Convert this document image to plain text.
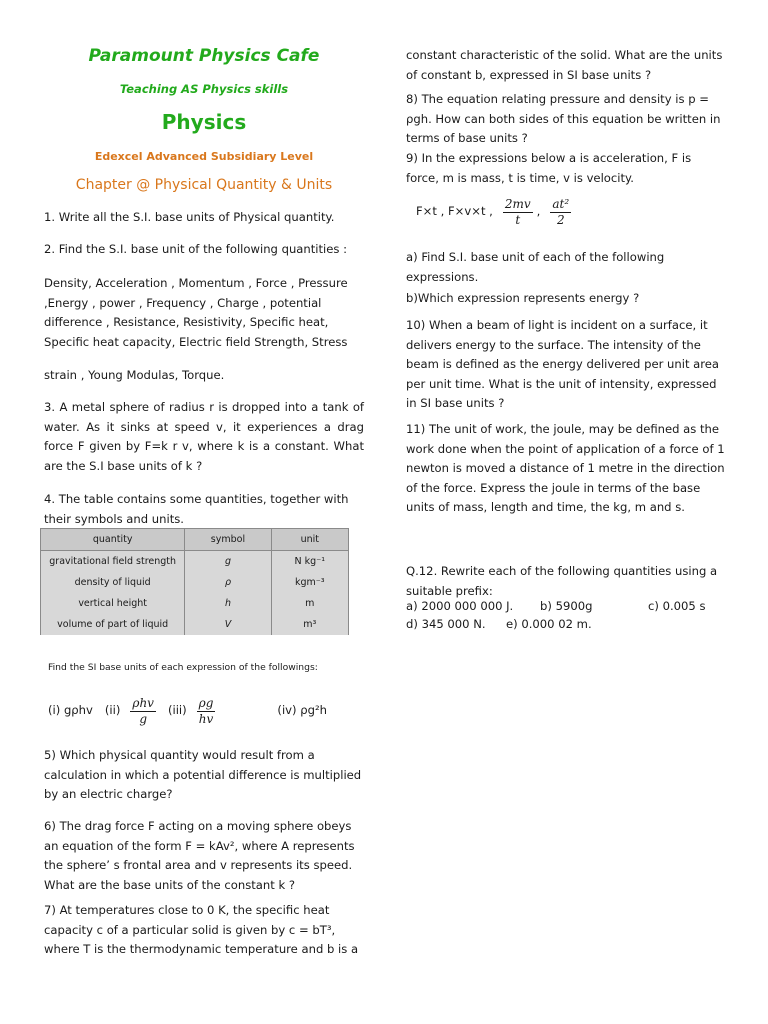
Paramount Physics Cafe
Teaching AS Physics skills
Physics
Edexcel Advanced Subsidiary Level
Chapter @ Physical Quantity & Units
1. Write all the S.I. base units of Physical quantity.
2. Find the S.I. base unit of the following quantities :
Density, Acceleration , Momentum , Force , Pressure ,Energy , power , Frequency , Charge , potential difference , Resistance, Resistivity, Specific heat, Specific heat capacity, Electric field Strength, Stress
strain , Young Modulas, Torque.
3. A metal sphere of radius r is dropped into a tank of water. As it sinks at speed v, it experiences a drag force F given by F=k r v, where k is a constant. What are the S.I base units of k ?
4. The table contains some quantities, together with their symbols and units.
quantity	symbol	unit
gravitational field strength	g	N kg⁻¹
density of liquid	ρ	kgm⁻³
vertical height	h	m
volume of part of liquid	V	m³
Find the SI base units of each expression of the followings:
(i) gρhv $(ii) \frac{\text{ρhv}}{g} (iii) \frac{\rho g}{hv}$	(iv) ρg²h
5) Which physical quantity would result from a calculation in which a potential difference is multiplied by an electric charge?
6) The drag force F acting on a moving sphere obeys an equation of the form F = kAv², where A represents the sphere’ s frontal area and v represents its speed. What are the base units of the constant k ?
7) At temperatures close to 0 K, the specific heat capacity c of a particular solid is given by c = bT³, where T is the thermodynamic temperature and b is a
constant characteristic of the solid. What are the units of constant b, expressed in SI base units ?
8) The equation relating pressure and density is p = ρgh. How can both sides of this equation be written in terms of base units ?
9) In the expressions below a is acceleration, F is force, m is mass, t is time, v is velocity.
F×t , F×v×t , $\frac{2mv}{t}$ , $\frac{\text{at²}}{2}$
a) Find S.I. base unit of each of the following expressions.
b)Which expression represents energy ?
10) When a beam of light is incident on a surface, it delivers energy to the surface. The intensity of the beam is defined as the energy delivered per unit area per unit time. What is the unit of intensity, expressed in SI base units ?
11) The unit of work, the joule, may be defined as the work done when the point of application of a force of 1 newton is moved a distance of 1 metre in the direction of the force. Express the joule in terms of the base units of mass, length and time, the kg, m and s.
Q.12. Rewrite each of the following quantities using a suitable prefix:
a) 2000 000 000 J. b) 5900g	c) 0.005 s
d) 345 000 N. e) 0.000 02 m.
